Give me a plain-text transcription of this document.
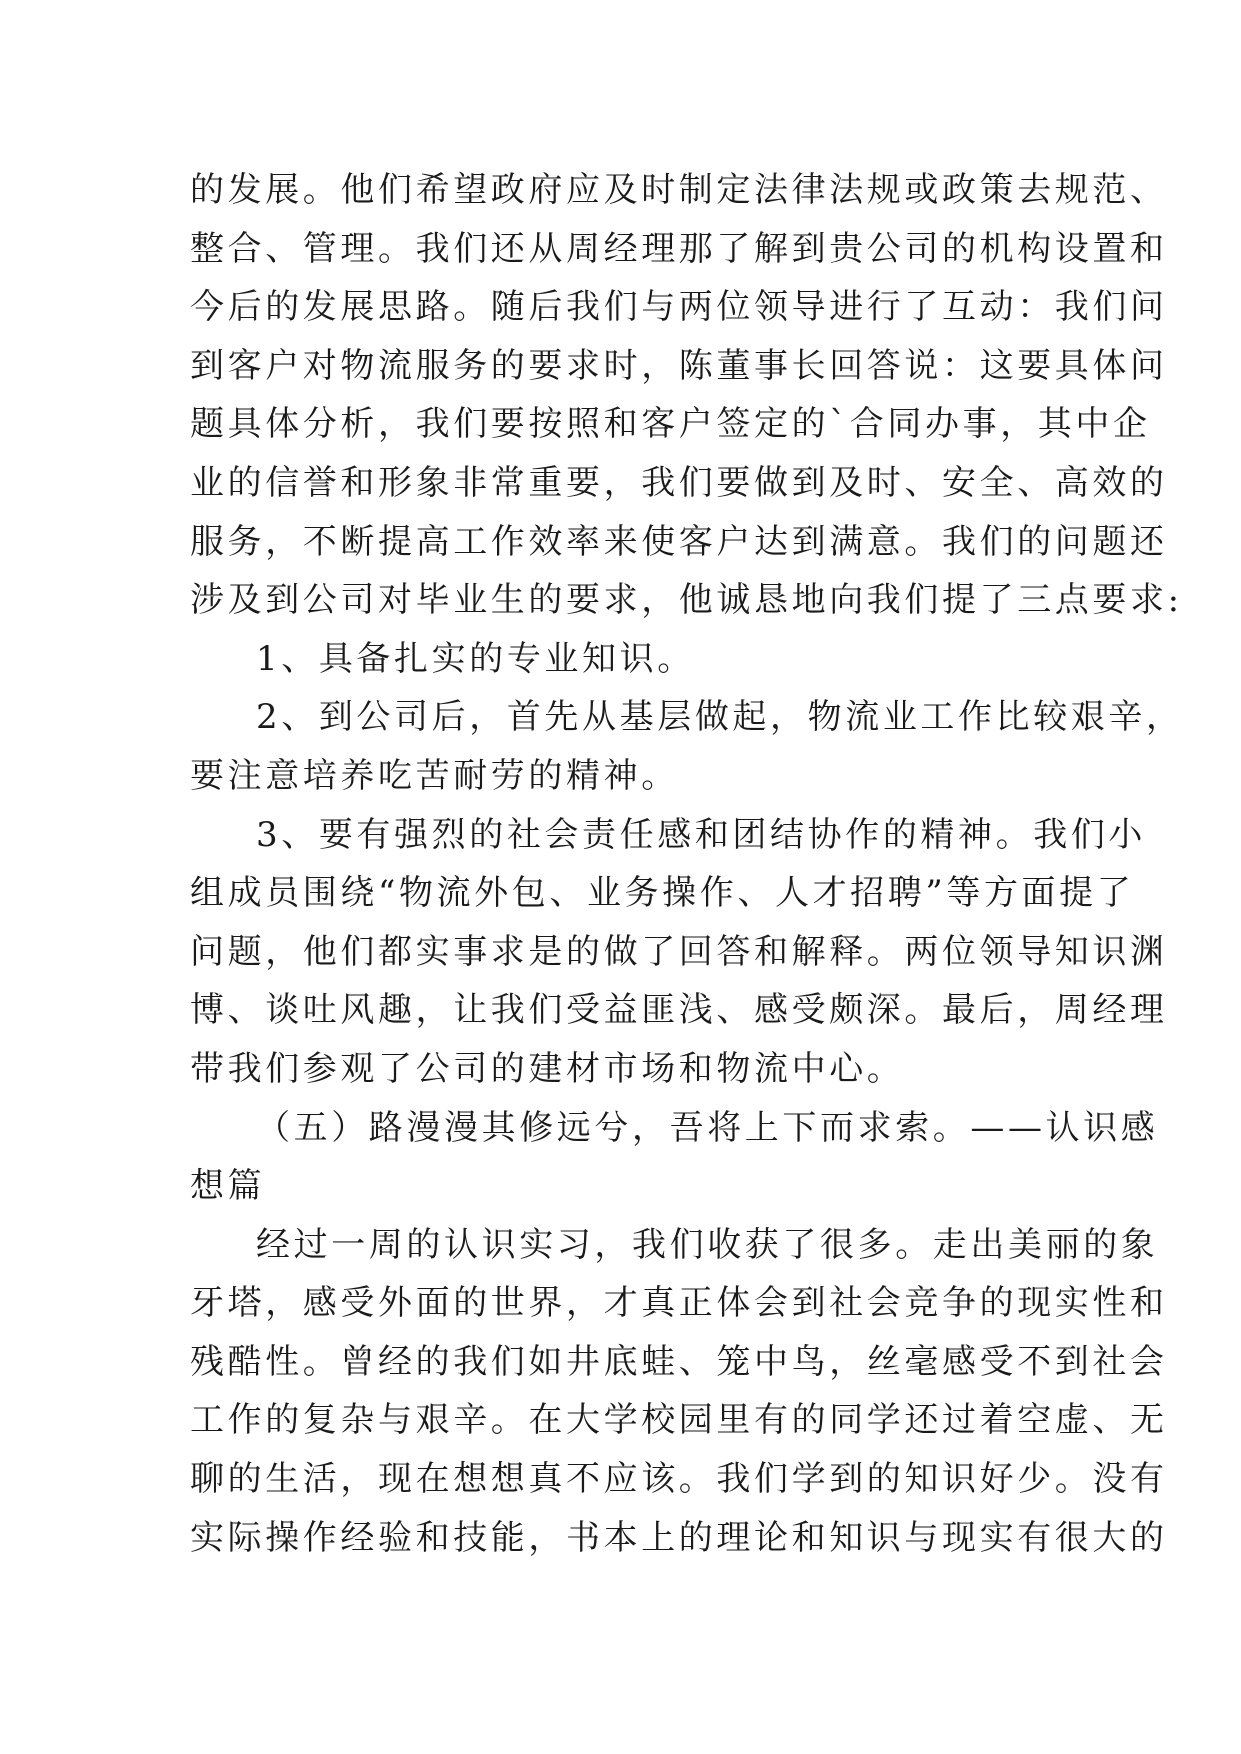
的发展。他们希望政府应及时制定法律法规或政策去规范、
整合、管理。我们还从周经理那了解到贵公司的机构设置和
今后的发展思路。随后我们与两位领导进行了互动：我们问
到客户对物流服务的要求时，陈董事长回答说：这要具体问
题具体分析，我们要按照和客户签定的`合同办事，其中企
业的信誉和形象非常重要，我们要做到及时、安全、高效的
服务，不断提高工作效率来使客户达到满意。我们的问题还
涉及到公司对毕业生的要求，他诚恳地向我们提了三点要求:
1、具备扎实的专业知识。
2、到公司后，首先从基层做起，物流业工作比较艰辛，
要注意培养吃苦耐劳的精神。
3、要有强烈的社会责任感和团结协作的精神。我们小
组成员围绕“物流外包、业务操作、人才招聘”等方面提了
问题，他们都实事求是的做了回答和解释。两位领导知识渊
博、谈吐风趣，让我们受益匪浅、感受颇深。最后，周经理
带我们参观了公司的建材市场和物流中心。
（五）路漫漫其修远兮，吾将上下而求索。——认识感
想篇
经过一周的认识实习，我们收获了很多。走出美丽的象
牙塔，感受外面的世界，才真正体会到社会竞争的现实性和
残酷性。曾经的我们如井底蛙、笼中鸟，丝毫感受不到社会
工作的复杂与艰辛。在大学校园里有的同学还过着空虚、无
聊的生活，现在想想真不应该。我们学到的知识好少。没有
实际操作经验和技能，书本上的理论和知识与现实有很大的
